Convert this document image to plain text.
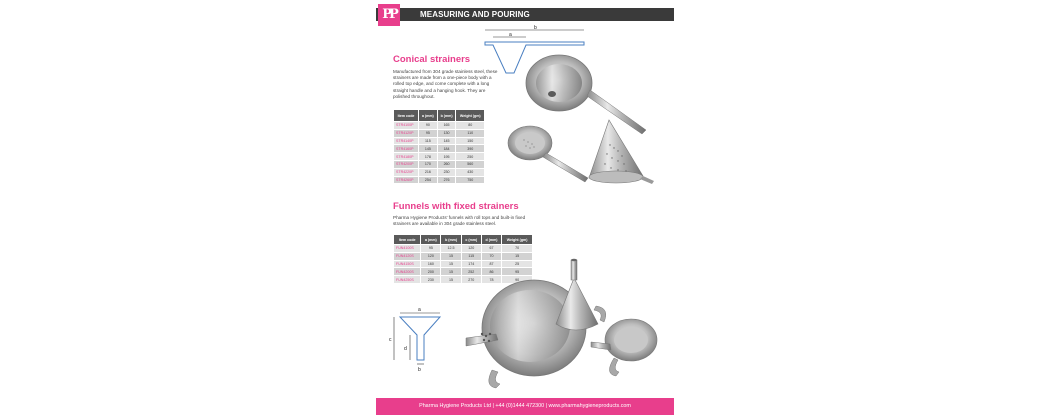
PP	MEASURING AND POURING
b
a
Conical strainers
Manufactured from 304 grade stainless steel, these strainers are made from a one-piece body with a rolled top edge, and come complete with a long straight handle and a hanging hook. They are polished throughout.
Item code	a (mm)	b (mm)	Weight (gm)
STR4100P	90	165	80
STR4120P	95	130	110
STR4140P	115	145	150
STR4160P	145	184	390
STR4180P	178	195	250
STR4200P	170	260	560
STR4220P	216	230	430
STR4260P	254	276	750
Funnels with fixed strainers
Pharma Hygiene Products' funnels with roll tops and built-in fixed strainers are available in 304 grade stainless steel.
Item code	a (mm)	b (mm)	c (mm)	d (mm)	Weight (gm)
FUN4100S	95	12.5	120	67	70
FUN4120S	120	15	115	70	15
FUN4150S	160	15	174	87	25
FUN4200S	200	15	252	86	95
FUN4250S	230	15	270	78	90
a
c
d
b
Pharma Hygiene Products Ltd | +44 (0)1444 472300 | www.pharmahygieneproducts.com
